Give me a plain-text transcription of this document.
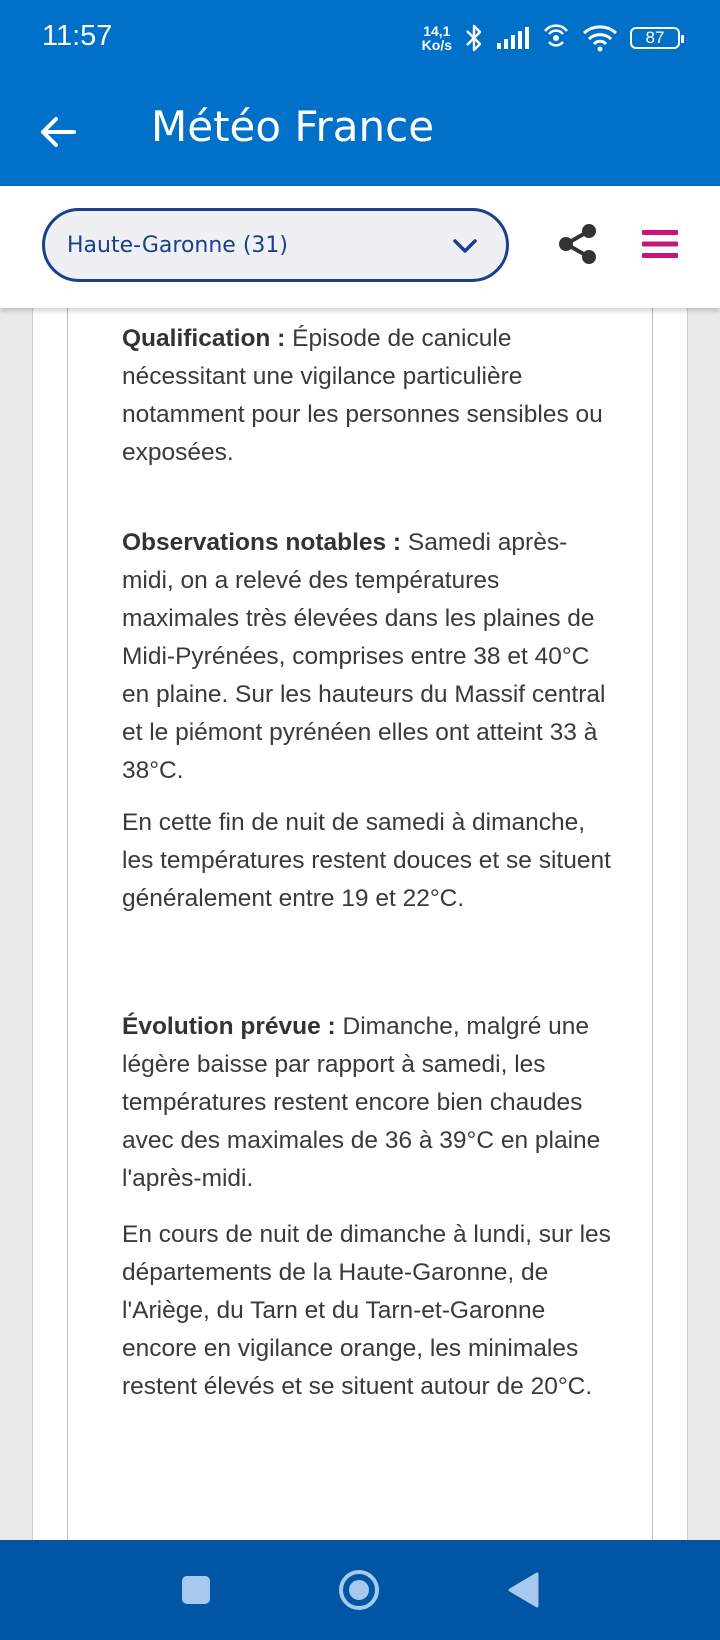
11:57	14,1
Ko/s	87
Météo France
Haute-Garonne (31)

Qualification : Épisode de canicule nécessitant une vigilance particulière notamment pour les personnes sensibles ou exposées.

Observations notables : Samedi après-midi, on a relevé des températures maximales très élevées dans les plaines de Midi-Pyrénées, comprises entre 38 et 40°C en plaine. Sur les hauteurs du Massif central et le piémont pyrénéen elles ont atteint 33 à 38°C.

En cette fin de nuit de samedi à dimanche, les températures restent douces et se situent généralement entre 19 et 22°C.

Évolution prévue : Dimanche, malgré une légère baisse par rapport à samedi, les températures restent encore bien chaudes avec des maximales de 36 à 39°C en plaine l'après-midi.

En cours de nuit de dimanche à lundi, sur les départements de la Haute-Garonne, de l'Ariège, du Tarn et du Tarn-et-Garonne encore en vigilance orange, les minimales restent élevés et se situent autour de 20°C.
